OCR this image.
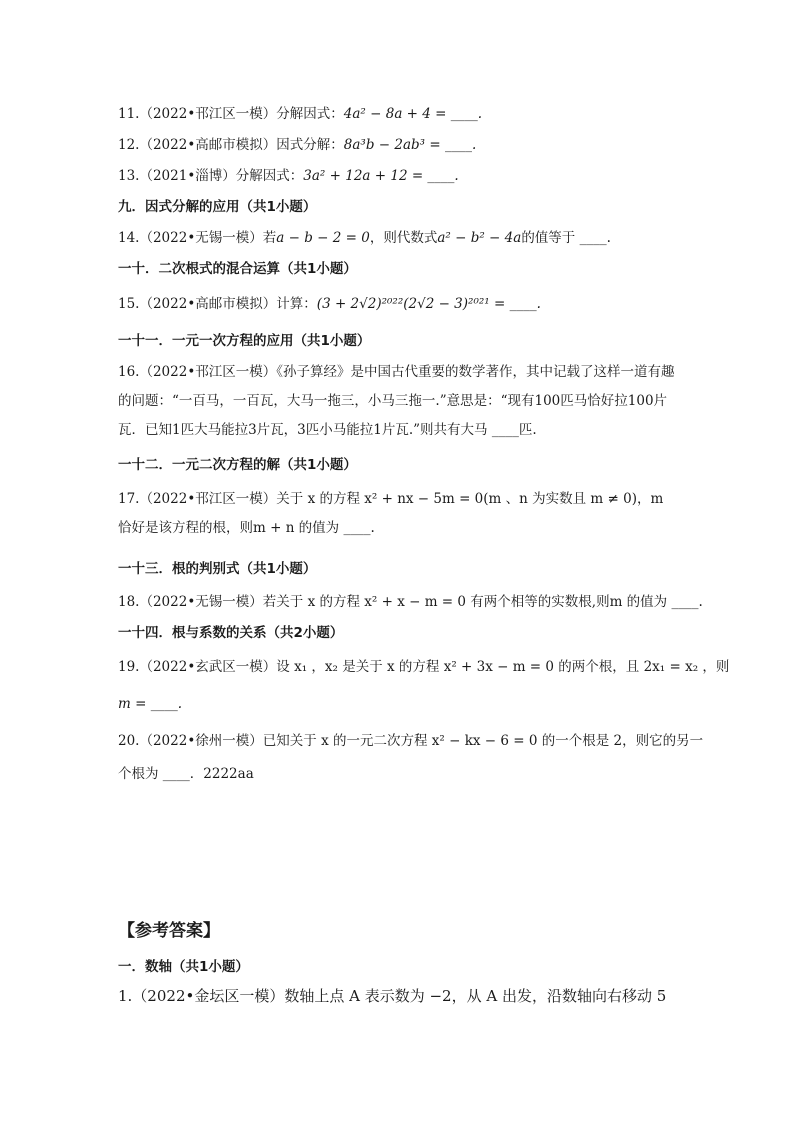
11.（2022•邗江区一模）分解因式：4a² − 8a + 4 = ____.
12.（2022•高邮市模拟）因式分解：8a³b − 2ab³ = ____.
13.（2021•淄博）分解因式：3a² + 12a + 12 = ____.
九．因式分解的应用（共1小题）
14.（2022•无锡一模）若a − b − 2 = 0，则代数式a² − b² − 4a的值等于 ____.
一十．二次根式的混合运算（共1小题）
15.（2022•高邮市模拟）计算：(3 + 2√2)²⁰²²(2√2 − 3)²⁰²¹ = ____.
一十一．一元一次方程的应用（共1小题）
16.（2022•邗江区一模）《孙子算经》是中国古代重要的数学著作，其中记载了这样一道有趣的问题：“一百马，一百瓦，大马一拖三，小马三拖一.”意思是：“现有100匹马恰好拉100片瓦．已知1匹大马能拉3片瓦，3匹小马能拉1片瓦.”则共有大马 ____匹.
一十二．一元二次方程的解（共1小题）
17.（2022•邗江区一模）关于 x 的方程 x² + nx − 5m = 0(m 、n 为实数且 m ≠ 0)，m 恰好是该方程的根，则m + n 的值为 ____.
一十三．根的判别式（共1小题）
18.（2022•无锡一模）若关于 x 的方程 x² + x − m = 0 有两个相等的实数根,则m 的值为 ____.
一十四．根与系数的关系（共2小题）
19.（2022•玄武区一模）设 x₁ ，x₂ 是关于 x 的方程 x² + 3x − m = 0 的两个根，且 2x₁ = x₂ ，则
m = ____.
20.（2022•徐州一模）已知关于 x 的一元二次方程 x² − kx − 6 = 0 的一个根是 2，则它的另一
个根为 ____．2222aa
【参考答案】
一．数轴（共1小题）
1.（2022•金坛区一模）数轴上点 A 表示数为 −2，从 A 出发，沿数轴向右移动 5
